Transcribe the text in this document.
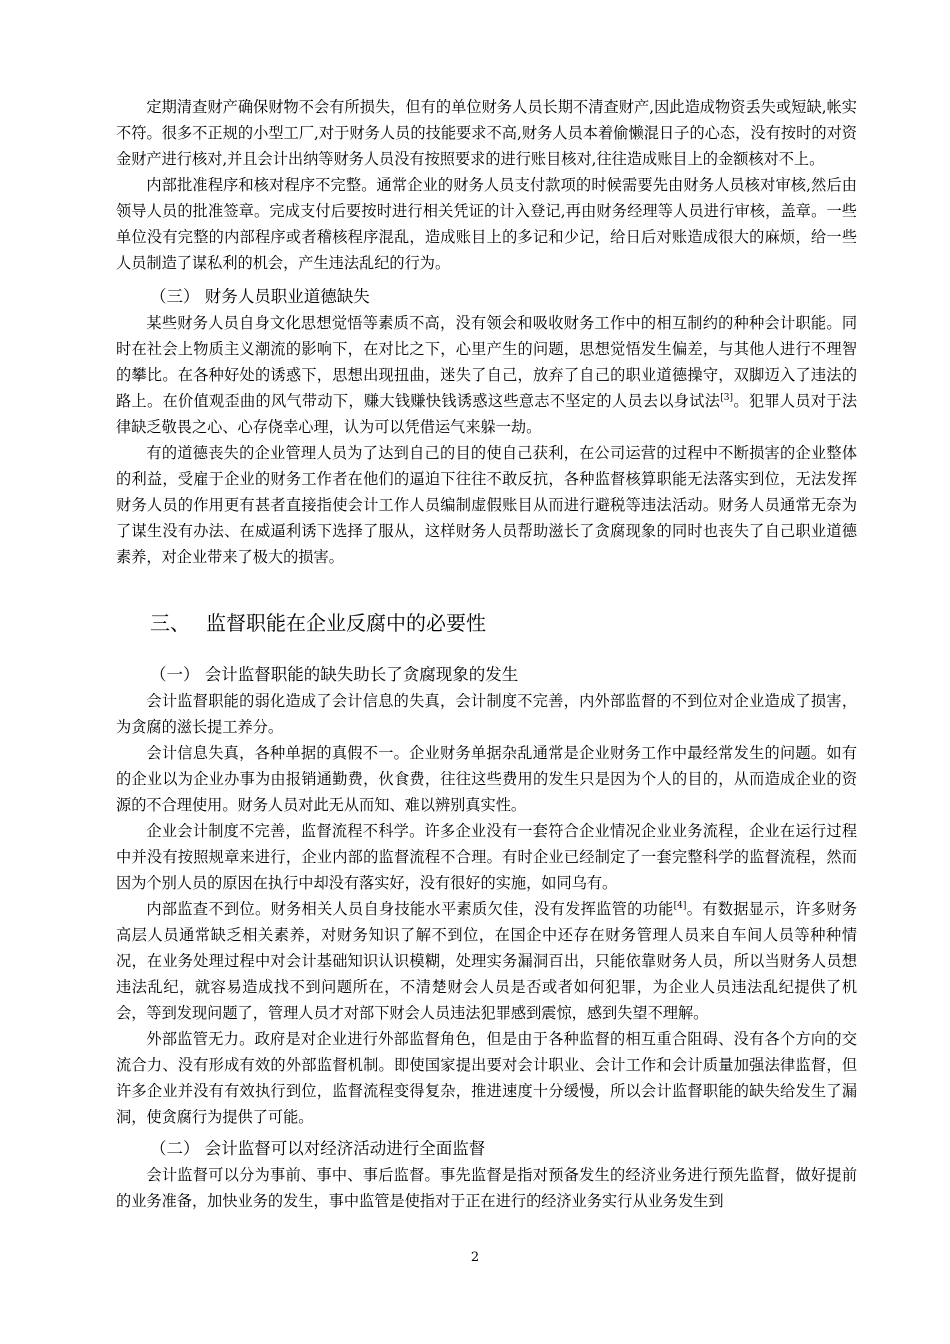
定期清查财产确保财物不会有所损失，但有的单位财务人员长期不清查财产,因此造成物资丢失或短缺,帐实不符。很多不正规的小型工厂,对于财务人员的技能要求不高,财务人员本着偷懒混日子的心态，没有按时的对资金财产进行核对,并且会计出纳等财务人员没有按照要求的进行账目核对,往往造成账目上的金额核对不上。

内部批准程序和核对程序不完整。通常企业的财务人员支付款项的时候需要先由财务人员核对审核,然后由领导人员的批准签章。完成支付后要按时进行相关凭证的计入登记,再由财务经理等人员进行审核，盖章。一些单位没有完整的内部程序或者稽核程序混乱，造成账目上的多记和少记，给日后对账造成很大的麻烦，给一些人员制造了谋私利的机会，产生违法乱纪的行为。

（三） 财务人员职业道德缺失

某些财务人员自身文化思想觉悟等素质不高，没有领会和吸收财务工作中的相互制约的种种会计职能。同时在社会上物质主义潮流的影响下，在对比之下，心里产生的问题，思想觉悟发生偏差，与其他人进行不理智的攀比。在各种好处的诱惑下，思想出现扭曲，迷失了自己，放弃了自己的职业道德操守，双脚迈入了违法的路上。在价值观歪曲的风气带动下，赚大钱赚快钱诱惑这些意志不坚定的人员去以身试法[3]。犯罪人员对于法律缺乏敬畏之心、心存侥幸心理，认为可以凭借运气来躲一劫。

有的道德丧失的企业管理人员为了达到自己的目的使自己获利，在公司运营的过程中不断损害的企业整体的利益，受雇于企业的财务工作者在他们的逼迫下往往不敢反抗，各种监督核算职能无法落实到位，无法发挥财务人员的作用更有甚者直接指使会计工作人员编制虚假账目从而进行避税等违法活动。财务人员通常无奈为了谋生没有办法、在威逼利诱下选择了服从，这样财务人员帮助滋长了贪腐现象的同时也丧失了自己职业道德素养，对企业带来了极大的损害。

三、 监督职能在企业反腐中的必要性
（一） 会计监督职能的缺失助长了贪腐现象的发生

会计监督职能的弱化造成了会计信息的失真，会计制度不完善，内外部监督的不到位对企业造成了损害，为贪腐的滋长提工养分。

会计信息失真，各种单据的真假不一。企业财务单据杂乱通常是企业财务工作中最经常发生的问题。如有的企业以为企业办事为由报销通勤费，伙食费，往往这些费用的发生只是因为个人的目的，从而造成企业的资源的不合理使用。财务人员对此无从而知、难以辨别真实性。

企业会计制度不完善，监督流程不科学。许多企业没有一套符合企业情况企业业务流程，企业在运行过程中并没有按照规章来进行，企业内部的监督流程不合理。有时企业已经制定了一套完整科学的监督流程，然而因为个别人员的原因在执行中却没有落实好，没有很好的实施，如同乌有。

内部监查不到位。财务相关人员自身技能水平素质欠佳，没有发挥监管的功能[4]。有数据显示，许多财务高层人员通常缺乏相关素养，对财务知识了解不到位，在国企中还存在财务管理人员来自车间人员等种种情况，在业务处理过程中对会计基础知识认识模糊，处理实务漏洞百出，只能依靠财务人员，所以当财务人员想违法乱纪，就容易造成找不到问题所在，不清楚财会人员是否或者如何犯罪，为企业人员违法乱纪提供了机会，等到发现问题了，管理人员才对部下财会人员违法犯罪感到震惊，感到失望不理解。

外部监管无力。政府是对企业进行外部监督角色，但是由于各种监督的相互重合阻碍、没有各个方向的交流合力、没有形成有效的外部监督机制。即使国家提出要对会计职业、会计工作和会计质量加强法律监督，但许多企业并没有有效执行到位，监督流程变得复杂，推进速度十分缓慢，所以会计监督职能的缺失给发生了漏洞，使贪腐行为提供了可能。

（二） 会计监督可以对经济活动进行全面监督

会计监督可以分为事前、事中、事后监督。事先监督是指对预备发生的经济业务进行预先监督，做好提前的业务准备，加快业务的发生，事中监管是使指对于正在进行的经济业务实行从业务发生到

2
